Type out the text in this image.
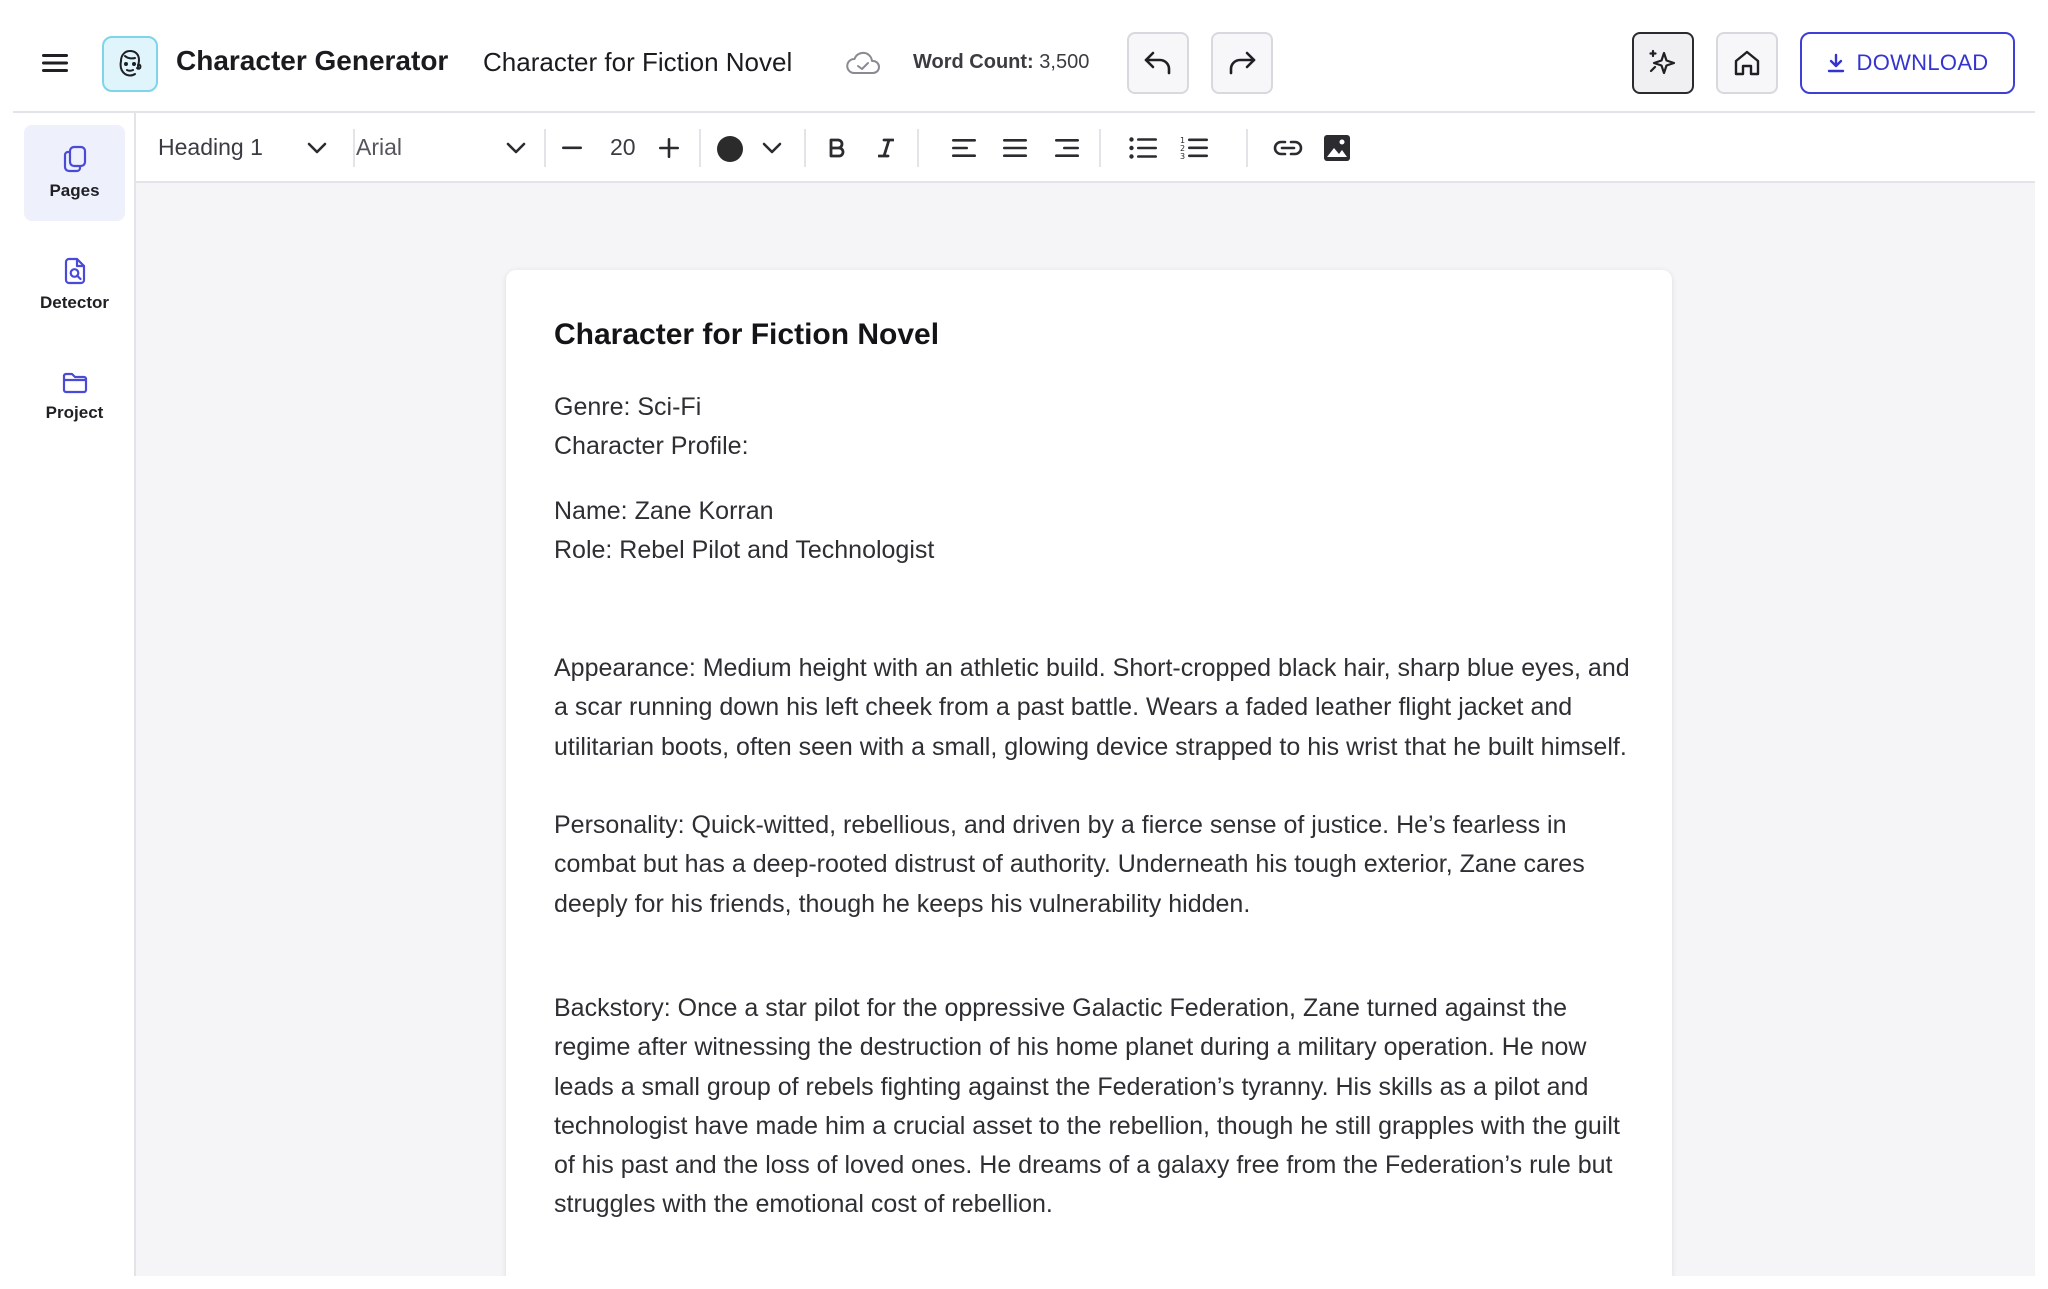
Character Generator Character for Fiction Novel	Word Count: 3,500	DOWNLOAD
Pages
Detector
Project
Heading 1	Arial	20	1
2
3
Character for Fiction Novel
Genre: Sci-Fi
Character Profile:
Name: Zane Korran
Role: Rebel Pilot and Technologist
Appearance: Medium height with an athletic build. Short-cropped black hair, sharp blue eyes, and a scar running down his left cheek from a past battle. Wears a faded leather flight jacket and utilitarian boots, often seen with a small, glowing device strapped to his wrist that he built himself.
Personality: Quick-witted, rebellious, and driven by a fierce sense of justice. He’s fearless in combat but has a deep-rooted distrust of authority. Underneath his tough exterior, Zane cares deeply for his friends, though he keeps his vulnerability hidden.
Backstory: Once a star pilot for the oppressive Galactic Federation, Zane turned against the regime after witnessing the destruction of his home planet during a military operation. He now leads a small group of rebels fighting against the Federation’s tyranny. His skills as a pilot and technologist have made him a crucial asset to the rebellion, though he still grapples with the guilt of his past and the loss of loved ones. He dreams of a galaxy free from the Federation’s rule but struggles with the emotional cost of rebellion.
